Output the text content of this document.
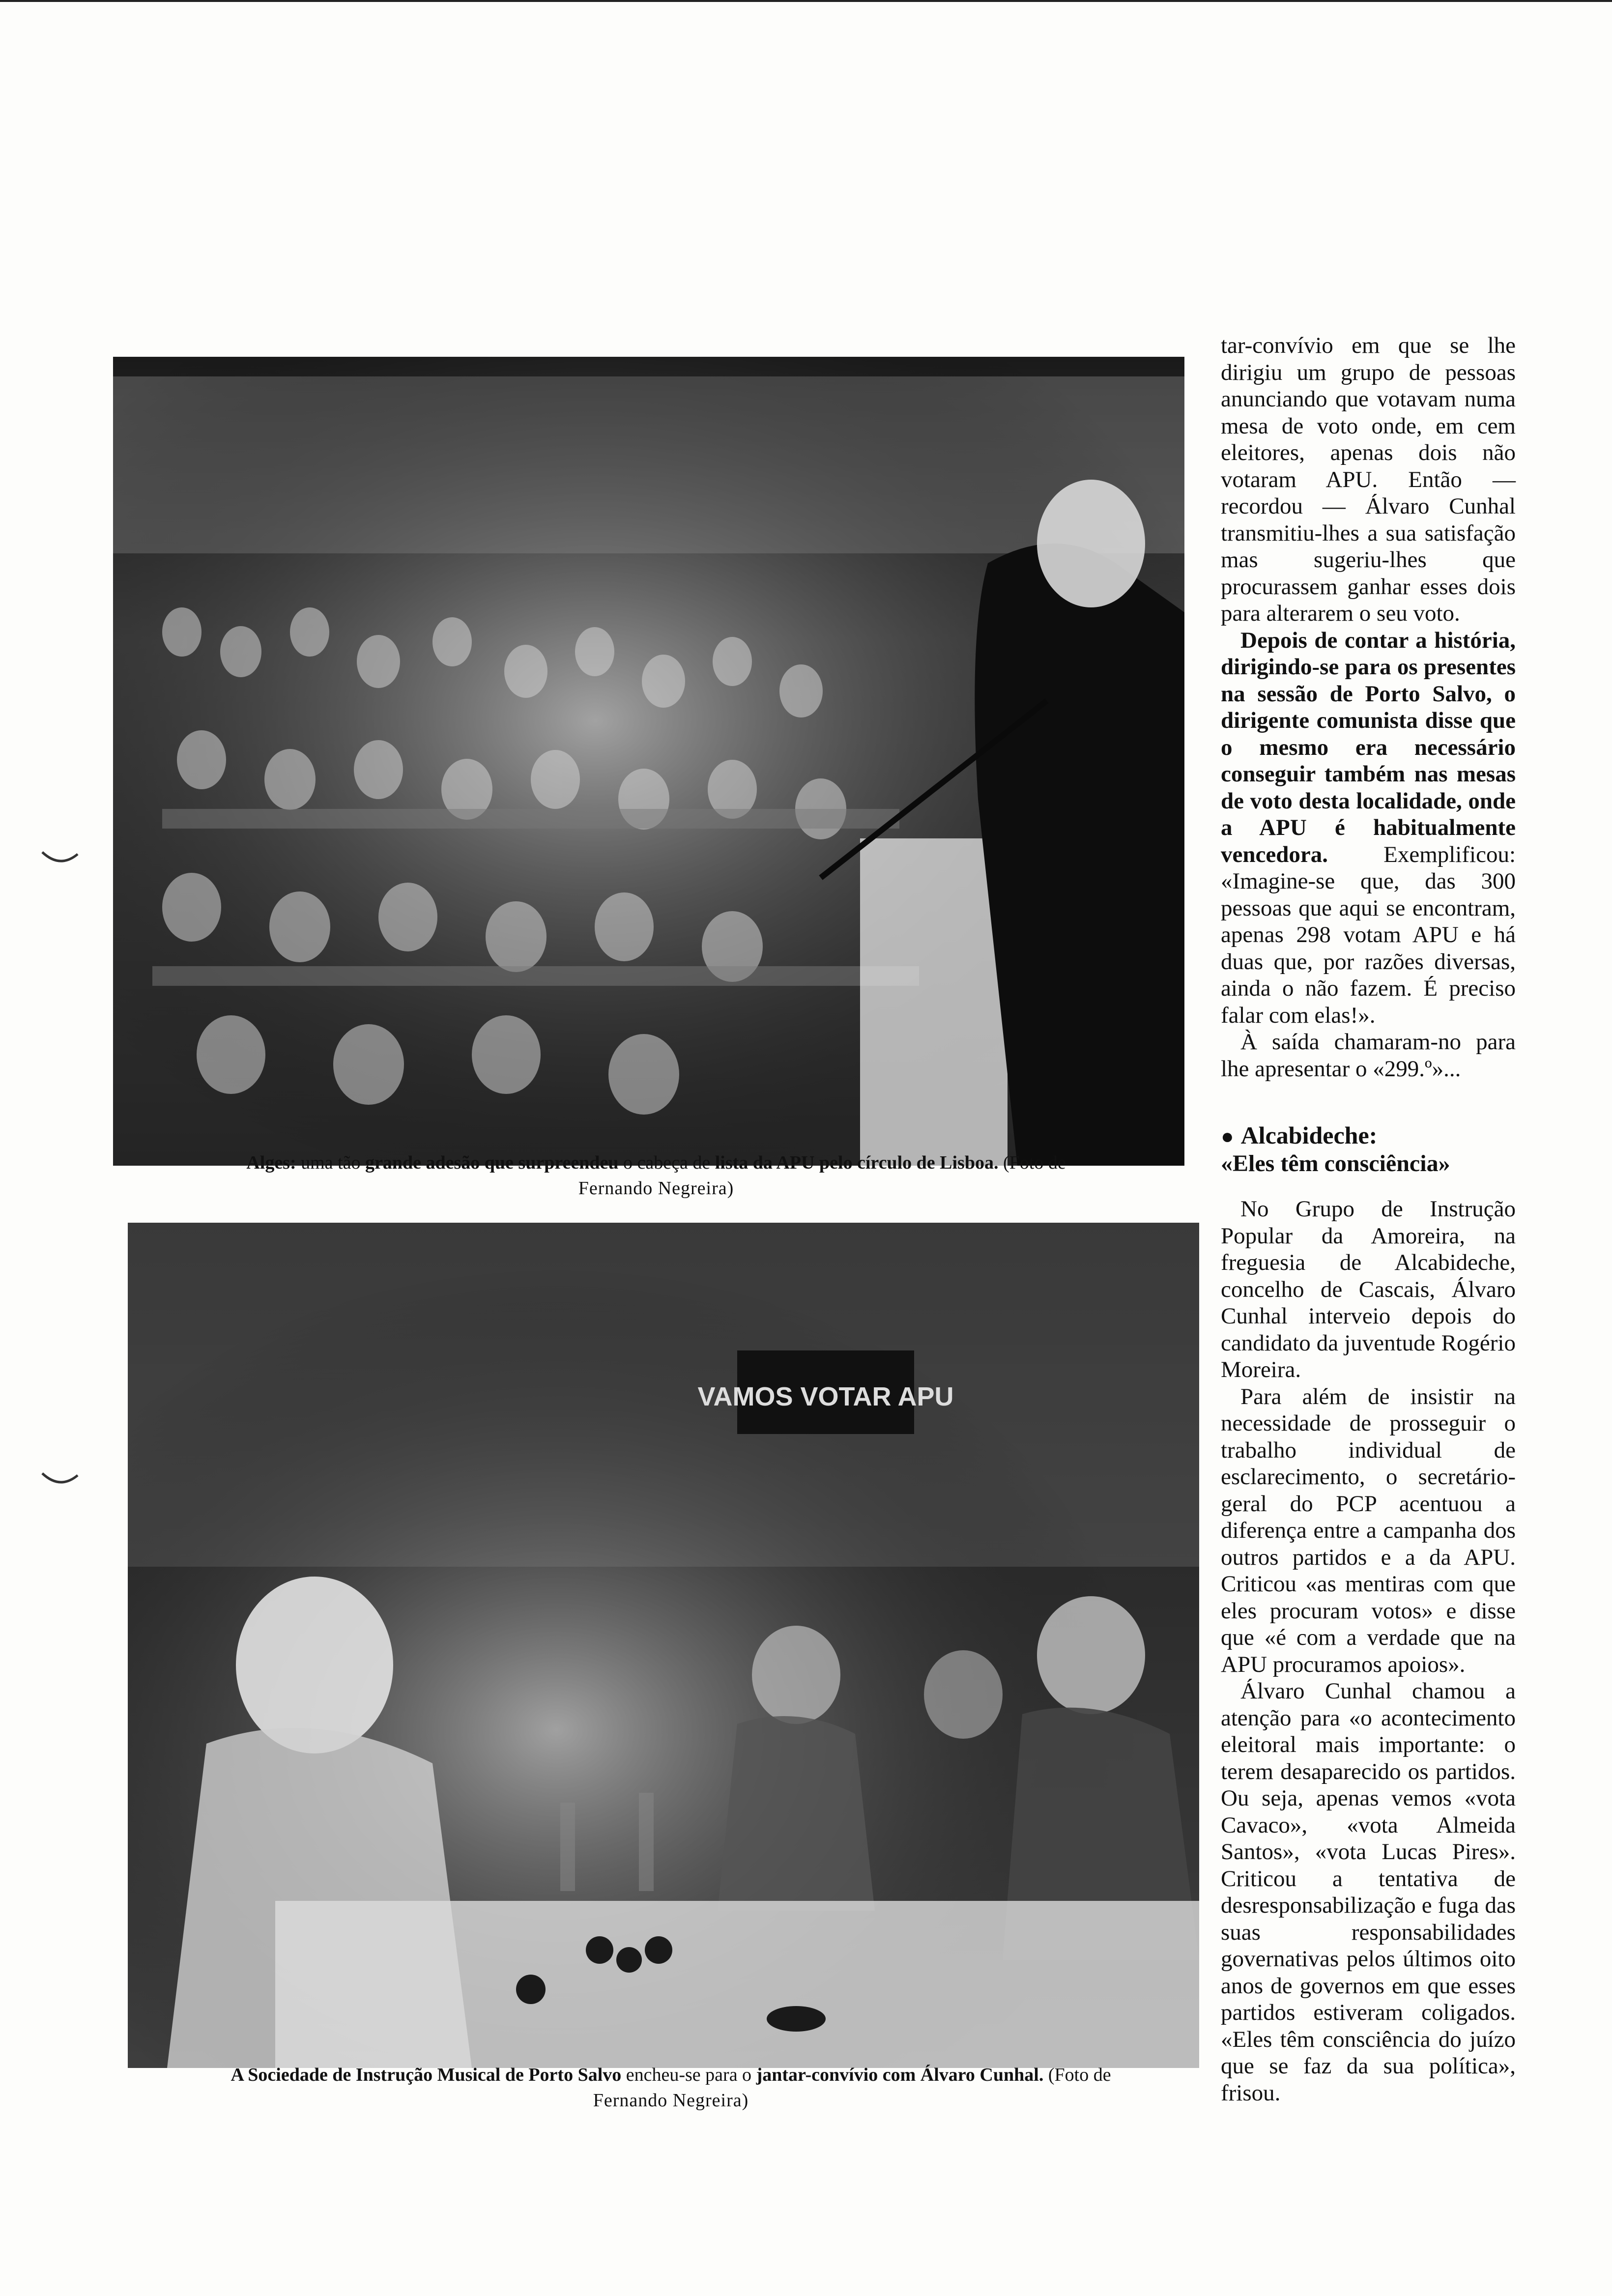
Alges: uma tão grande adesão que surpreendeu o cabeça de lista da APU pelo círculo de Lisboa. (Foto de
Fernando Negreira)
VAMOS VOTAR APU
A Sociedade de Instrução Musical de Porto Salvo encheu-se para o jantar-convívio com Álvaro Cunhal. (Foto de
Fernando Negreira)

tar-convívio em que se lhe dirigiu um grupo de pessoas anunciando que votavam numa mesa de voto onde, em cem eleitores, apenas dois não votaram APU. Então — recordou — Álvaro Cunhal transmitiu-lhes a sua satisfação mas sugeriu-lhes que procurassem ganhar esses dois para alterarem o seu voto.

Depois de contar a história, dirigindo-se para os presentes na sessão de Porto Salvo, o dirigente comunista disse que o mesmo era necessário conseguir também nas mesas de voto desta localidade, onde a APU é habitualmente vencedora. Exemplificou: «Imagine-se que, das 300 pessoas que aqui se encontram, apenas 298 votam APU e há duas que, por razões diversas, ainda o não fazem. É preciso falar com elas!».

À saída chamaram-no para lhe apresentar o «299.º»...

● Alcabideche:

«Eles têm consciência»

No Grupo de Instrução Popular da Amoreira, na freguesia de Alcabideche, concelho de Cascais, Álvaro Cunhal interveio depois do candidato da juventude Rogério Moreira.

Para além de insistir na necessidade de prosseguir o trabalho individual de esclarecimento, o secretário-geral do PCP acentuou a diferença entre a campanha dos outros partidos e a da APU. Criticou «as mentiras com que eles procuram votos» e disse que «é com a verdade que na APU procuramos apoios».

Álvaro Cunhal chamou a atenção para «o acontecimento eleitoral mais importante: o terem desaparecido os partidos. Ou seja, apenas vemos «vota Cavaco», «vota Almeida Santos», «vota Lucas Pires». Criticou a tentativa de desresponsabilização e fuga das suas responsabilidades governativas pelos últimos oito anos de governos em que esses partidos estiveram coligados. «Eles têm consciência do juízo que se faz da sua política», frisou.
